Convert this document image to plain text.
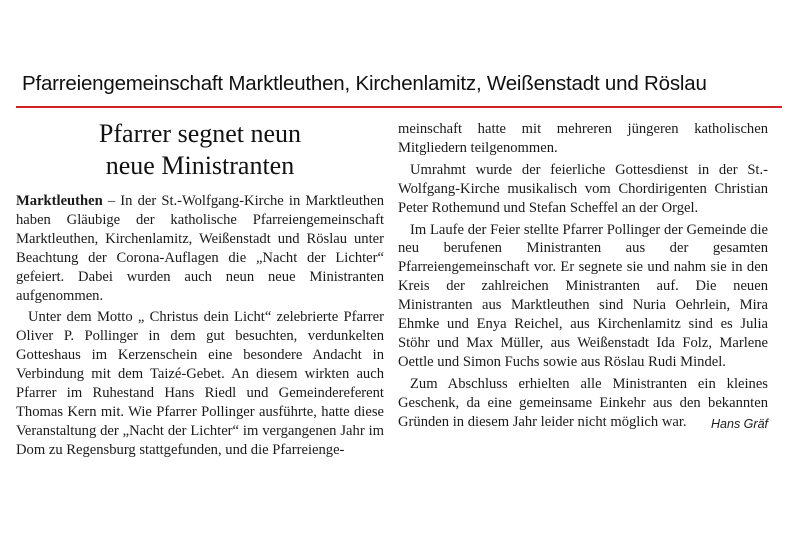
Pfarreiengemeinschaft Marktleuthen, Kirchenlamitz, Weißenstadt und Röslau
Pfarrer segnet neun
neue Ministranten

Marktleuthen – In der St.-Wolfgang-Kirche in Marktleuthen haben Gläubige der katholische Pfarreiengemeinschaft Marktleuthen, Kirchenlamitz, Weißenstadt und Röslau unter Beachtung der Corona-Auflagen die „Nacht der Lichter“ gefeiert. Dabei wurden auch neun neue Ministranten aufgenommen.

Unter dem Motto „ Christus dein Licht“ zelebrierte Pfarrer Oliver P. Pollinger in dem gut besuchten, verdunkelten Gotteshaus im Kerzenschein eine besondere Andacht in Verbindung mit dem Taizé-Gebet. An diesem wirkten auch Pfarrer im Ruhestand Hans Riedl und Gemeindereferent Thomas Kern mit. Wie Pfarrer Pollinger ausführte, hatte diese Veranstaltung der „Nacht der Lichter“ im vergangenen Jahr im Dom zu Regensburg stattgefunden, und die Pfarreienge-

meinschaft hatte mit mehreren jüngeren katholischen Mitgliedern teilgenommen.

Umrahmt wurde der feierliche Gottesdienst in der St.-Wolfgang-Kirche musikalisch vom Chordirigenten Christian Peter Rothemund und Stefan Scheffel an der Orgel.

Im Laufe der Feier stellte Pfarrer Pollinger der Gemeinde die neu berufenen Ministranten aus der gesamten Pfarreiengemeinschaft vor. Er segnete sie und nahm sie in den Kreis der zahlreichen Ministranten auf. Die neuen Ministranten aus Marktleuthen sind Nuria Oehrlein, Mira Ehmke und Enya Reichel, aus Kirchenlamitz sind es Julia Stöhr und Max Müller, aus Weißenstadt Ida Folz, Marlene Oettle und Simon Fuchs sowie aus Röslau Rudi Mindel.

Zum Abschluss erhielten alle Ministranten ein kleines Geschenk, da eine gemeinsame Einkehr aus den bekannten Gründen in diesem Jahr leider nicht möglich war.	Hans Gräf
